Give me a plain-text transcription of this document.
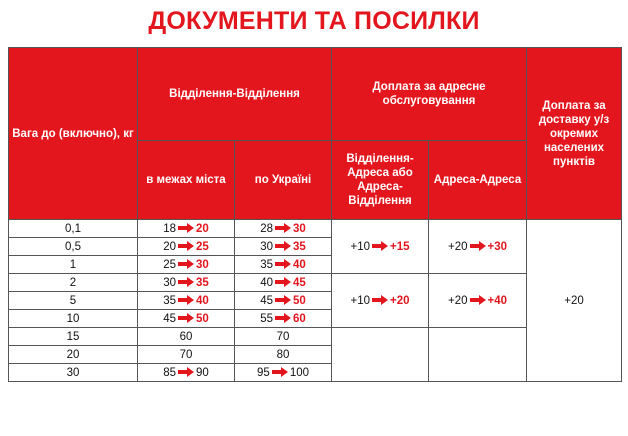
ДОКУМЕНТИ ТА ПОСИЛКИ
Вага до (включно), кг	Відділення-Відділення		Доплата за адресне обслуговування		Доплата за доставку у/з окремих населених пунктів
	в межах міста	по Україні	Відділення-Адреса або Адреса-Відділення	Адреса-Адреса	
0,1	18 20	28 30	+10 +15	+20 +30	+20
0,5	20 25	30 35			
1	25 30	35 40			
2	30 35	40 45	+10 +20	+20 +40	
5	35 40	45 50			
10	45 50	55 60			
15	60	70			
20	70	80			
30	85 90	95 100			
